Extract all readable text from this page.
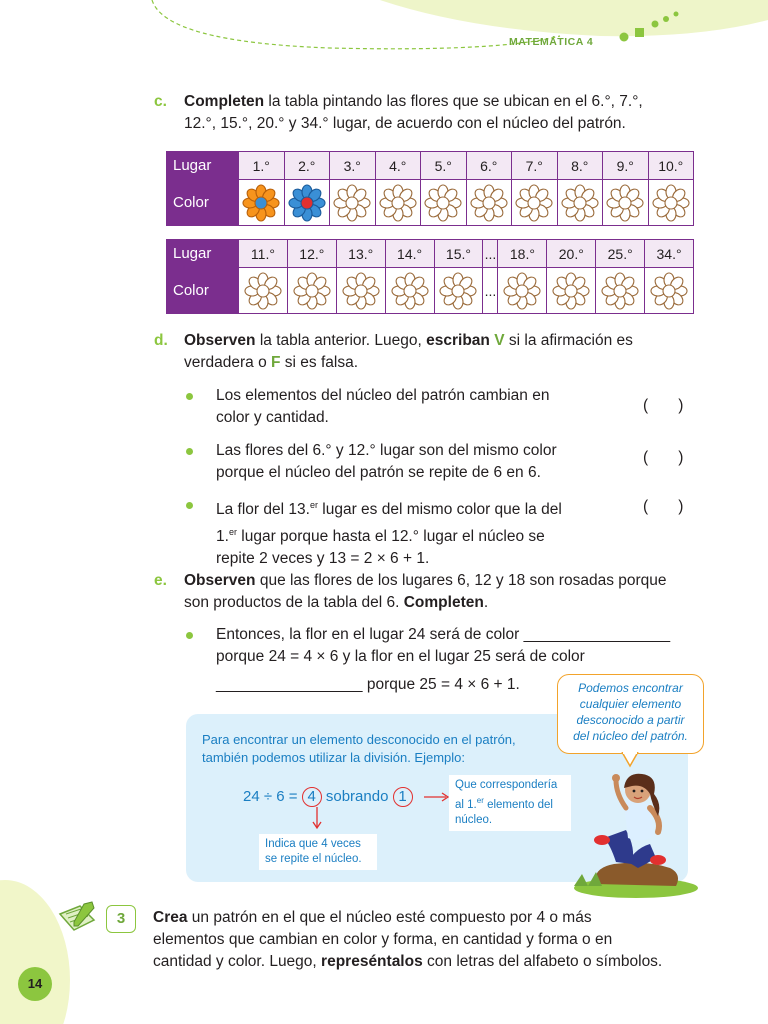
MATEMÁTICA 4
c. Completen la tabla pintando las flores que se ubican en el 6.°, 7.°,
12.°, 15.°, 20.° y 34.° lugar, de acuerdo con el núcleo del patrón.
Lugar	1.°	2.°	3.°	4.°	5.°	6.°	7.°	8.°	9.°	10.°
Color	

Lugar	11.°	12.°	13.°	14.°	15.°	...	18.°	20.°	25.°	34.°
Color						...	

d. Observen la tabla anterior. Luego, escriban V si la afirmación es
verdadera o F si es falsa.
Los elementos del núcleo del patrón cambian en
color y cantidad.
(       )
Las flores del 6.° y 12.° lugar son del mismo color
porque el núcleo del patrón se repite de 6 en 6.
(       )
La flor del 13.$^{er}$ lugar es del mismo color que la del
1.$^{er}$ lugar porque hasta el 12.° lugar el núcleo se
repite 2 veces y 13 = 2 × 6 + 1.
(       )
e. Observen que las flores de los lugares 6, 12 y 18 son rosadas porque
son productos de la tabla del 6. Completen.
Entonces, la flor en el lugar 24 será de color _________________
porque 24 = 4 × 6 y la flor en el lugar 25 será de color
_________________ porque 25 = 4 × 6 + 1.
Para encontrar un elemento desconocido en el patrón,
también podemos utilizar la división. Ejemplo:
24 ÷ 6 = 4 sobrando 1
Que correspondería
al 1.$^{er}$ elemento del
núcleo.
Indica que 4 veces
se repite el núcleo.
Podemos encontrar
cualquier elemento
desconocido a partir
del núcleo del patrón.
3	Crea un patrón en el que el núcleo esté compuesto por 4 o más
elementos que cambian en color y forma, en cantidad y forma o en
cantidad y color. Luego, represéntalos con letras del alfabeto o símbolos.
14
